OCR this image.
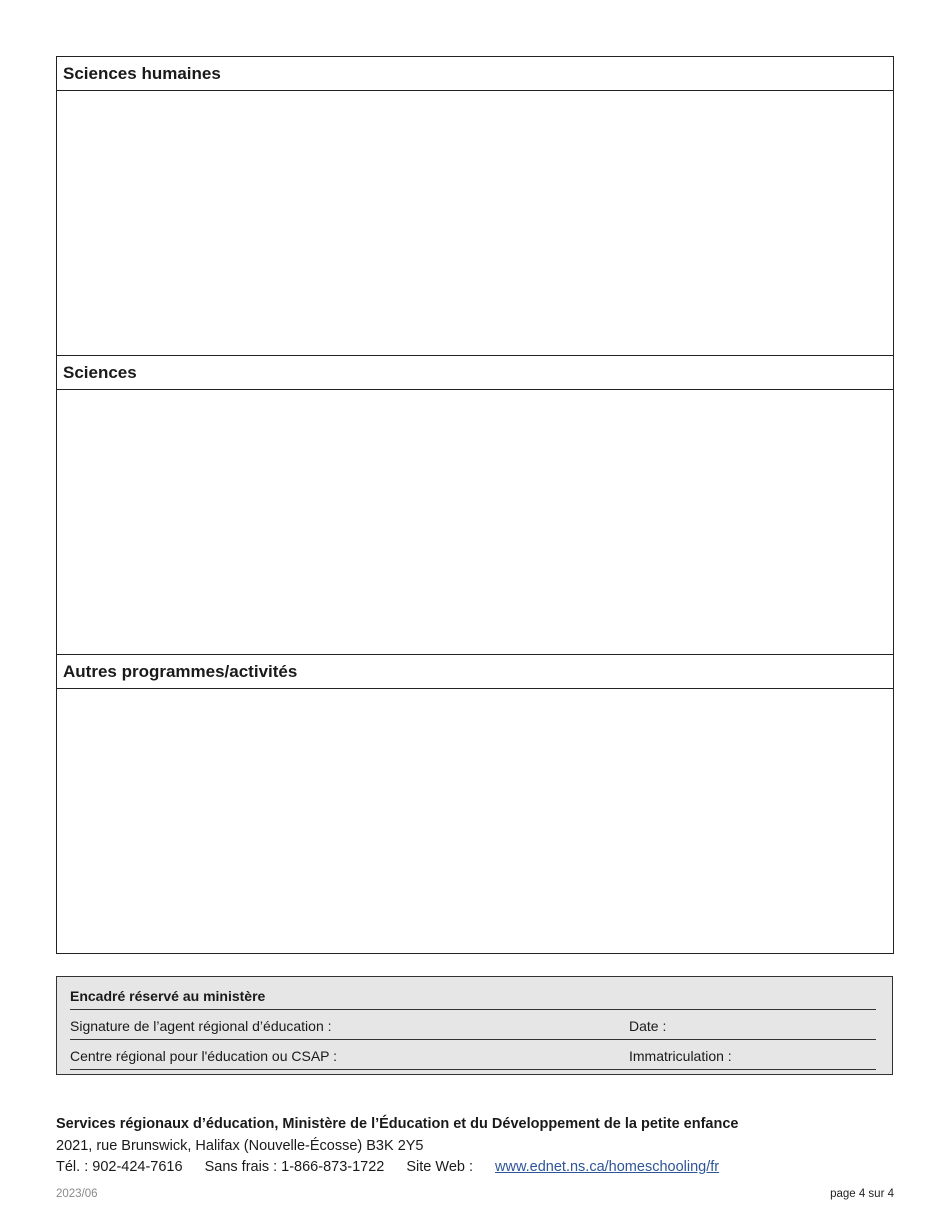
Sciences humaines
Sciences
Autres programmes/activités
Encadré réservé au ministère
Signature de l’agent régional d’éducation :	Date :
Centre régional pour l'éducation ou CSAP :	Immatriculation :
Services régionaux d’éducation, Ministère de l’Éducation et du Développement de la petite enfance
2021, rue Brunswick, Halifax (Nouvelle-Écosse) B3K 2Y5
Tél. : 902-424-7616 Sans frais : 1-866-873-1722 Site Web : www.ednet.ns.ca/homeschooling/fr
2023/06	page 4 sur 4
